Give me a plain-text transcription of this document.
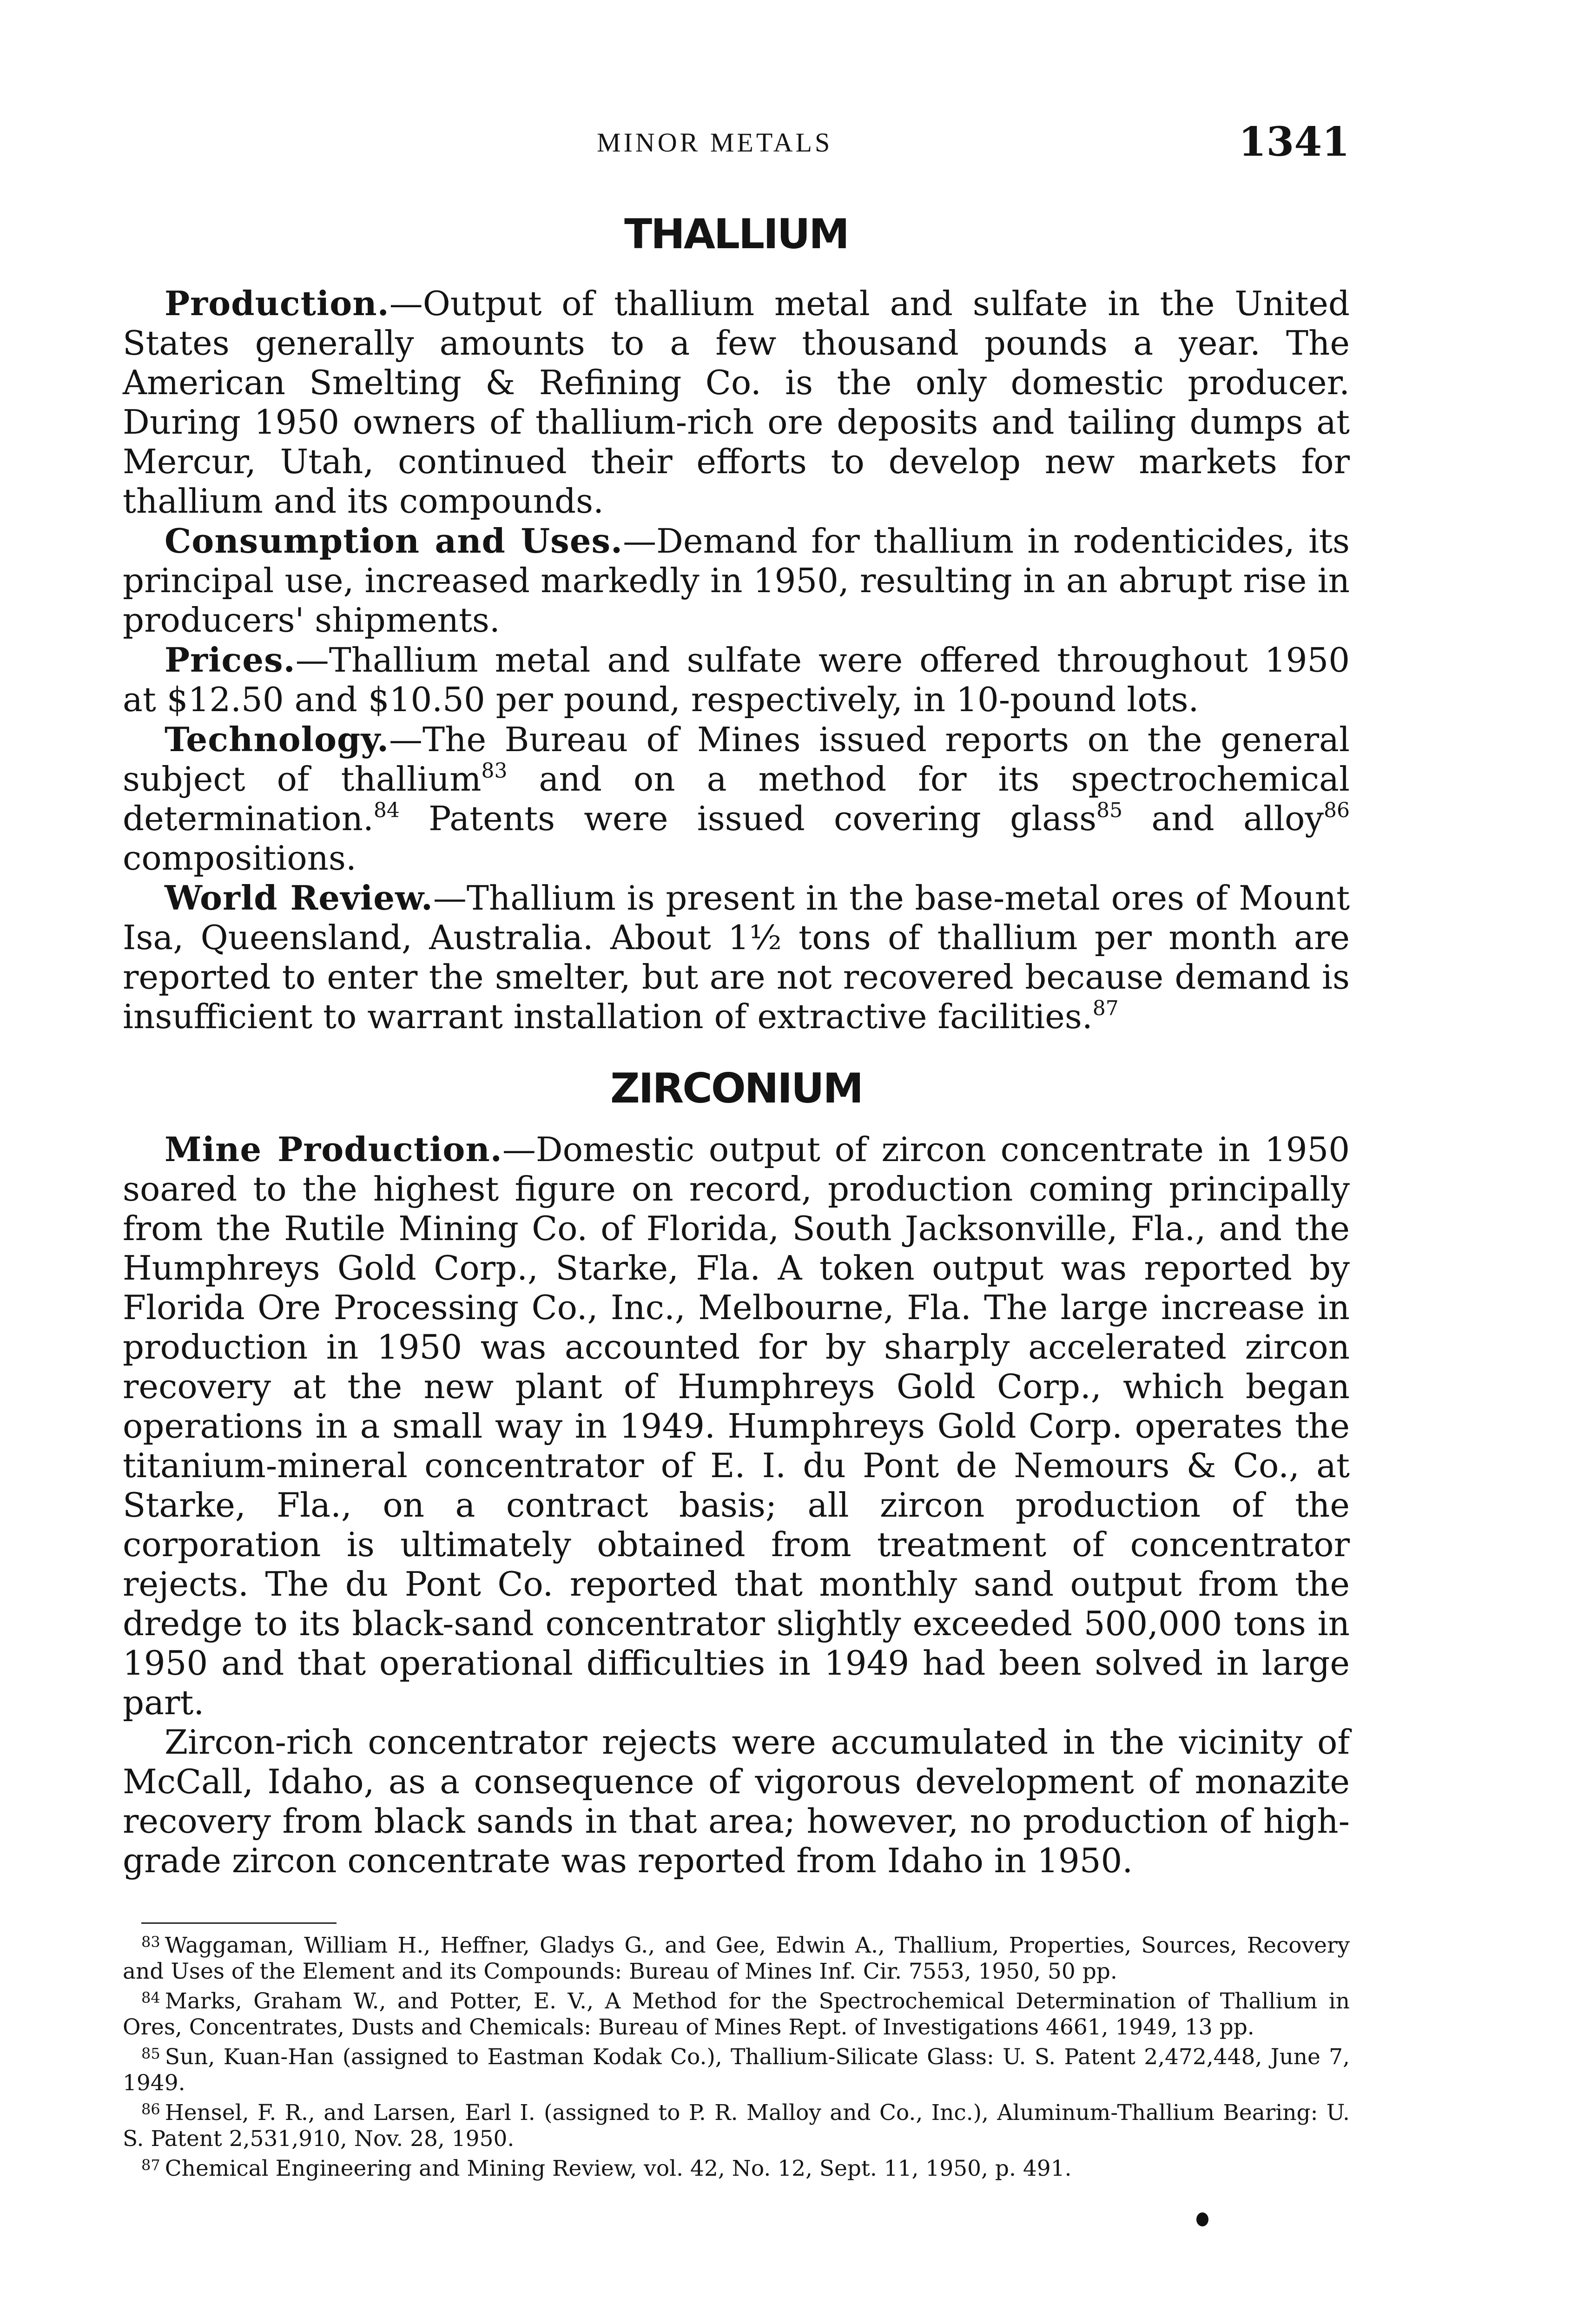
MINOR METALS	1341
THALLIUM

Production.—Output of thallium metal and sulfate in the United States generally amounts to a few thousand pounds a year. The American Smelting & Refining Co. is the only domestic producer. During 1950 owners of thallium-rich ore deposits and tailing dumps at Mercur, Utah, continued their efforts to develop new markets for thallium and its compounds.

Consumption and Uses.—Demand for thallium in rodenticides, its principal use, increased markedly in 1950, resulting in an abrupt rise in producers' shipments.

Prices.—Thallium metal and sulfate were offered throughout 1950 at $12.50 and $10.50 per pound, respectively, in 10-pound lots.

Technology.—The Bureau of Mines issued reports on the general subject of thallium$^{83}$ and on a method for its spectrochemical determination.$^{84}$ Patents were issued covering glass$^{85}$ and alloy$^{86}$ compositions.

World Review.—Thallium is present in the base-metal ores of Mount Isa, Queensland, Australia. About 1½ tons of thallium per month are reported to enter the smelter, but are not recovered because demand is insufficient to warrant installation of extractive facilities.$^{87}$

ZIRCONIUM

Mine Production.—Domestic output of zircon concentrate in 1950 soared to the highest figure on record, production coming principally from the Rutile Mining Co. of Florida, South Jacksonville, Fla., and the Humphreys Gold Corp., Starke, Fla. A token output was reported by Florida Ore Processing Co., Inc., Melbourne, Fla. The large increase in production in 1950 was accounted for by sharply accelerated zircon recovery at the new plant of Humphreys Gold Corp., which began operations in a small way in 1949. Humphreys Gold Corp. operates the titanium-mineral concentrator of E. I. du Pont de Nemours & Co., at Starke, Fla., on a contract basis; all zircon production of the corporation is ultimately obtained from treatment of concentrator rejects. The du Pont Co. reported that monthly sand output from the dredge to its black-sand concentrator slightly exceeded 500,000 tons in 1950 and that operational difficulties in 1949 had been solved in large part.

Zircon-rich concentrator rejects were accumulated in the vicinity of McCall, Idaho, as a consequence of vigorous development of monazite recovery from black sands in that area; however, no production of high-grade zircon concentrate was reported from Idaho in 1950.

$^{83}$ Waggaman, William H., Heffner, Gladys G., and Gee, Edwin A., Thallium, Properties, Sources, Recovery and Uses of the Element and its Compounds: Bureau of Mines Inf. Cir. 7553, 1950, 50 pp.

$^{84}$ Marks, Graham W., and Potter, E. V., A Method for the Spectrochemical Determination of Thallium in Ores, Concentrates, Dusts and Chemicals: Bureau of Mines Rept. of Investigations 4661, 1949, 13 pp.

$^{85}$ Sun, Kuan-Han (assigned to Eastman Kodak Co.), Thallium-Silicate Glass: U. S. Patent 2,472,448, June 7, 1949.

$^{86}$ Hensel, F. R., and Larsen, Earl I. (assigned to P. R. Malloy and Co., Inc.), Aluminum-Thallium Bearing: U. S. Patent 2,531,910, Nov. 28, 1950.

$^{87}$ Chemical Engineering and Mining Review, vol. 42, No. 12, Sept. 11, 1950, p. 491.
